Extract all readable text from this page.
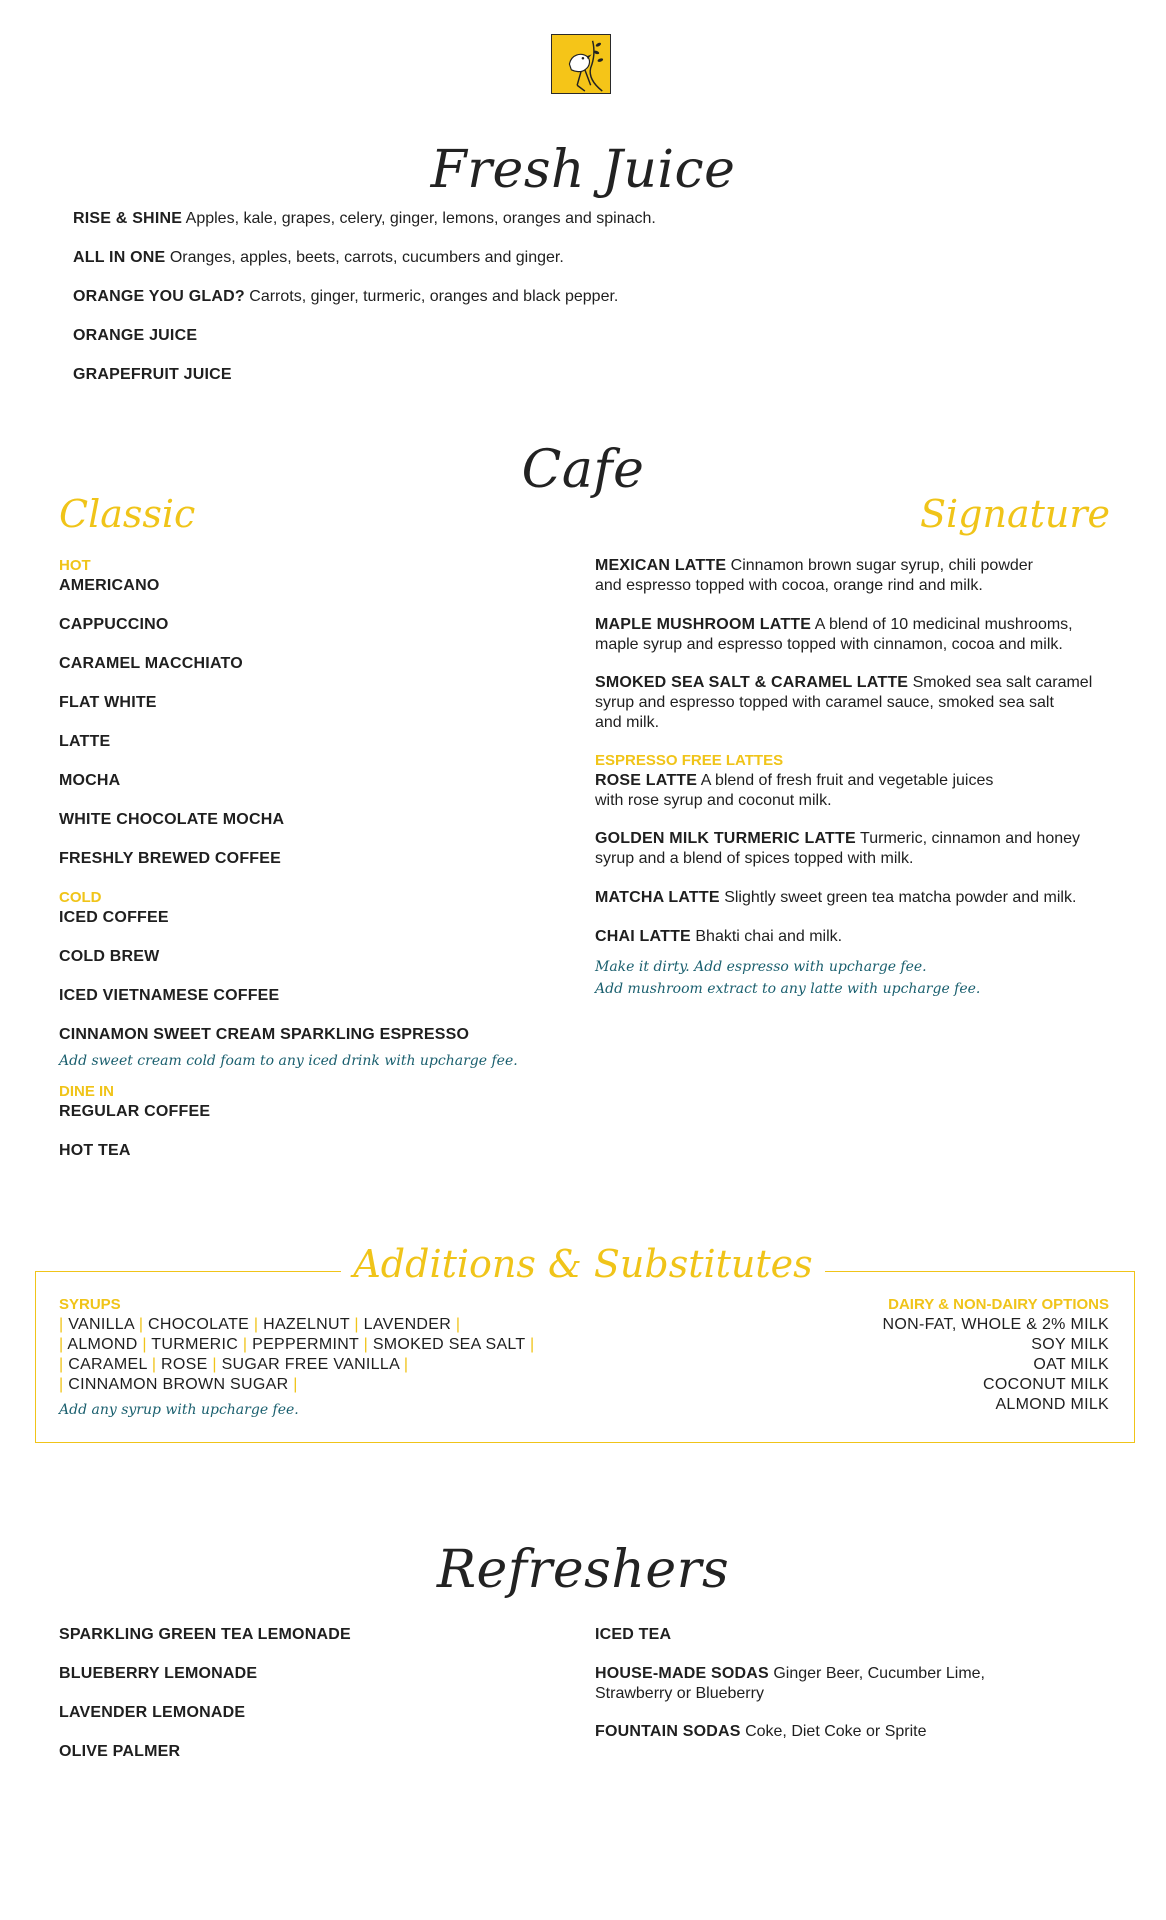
Fresh Juice
RISE & SHINE Apples, kale, grapes, celery, ginger, lemons, oranges and spinach.
ALL IN ONE Oranges, apples, beets, carrots, cucumbers and ginger.
ORANGE YOU GLAD? Carrots, ginger, turmeric, oranges and black pepper.
ORANGE JUICE
GRAPEFRUIT JUICE
Cafe
Classic	Signature
HOT
AMERICANO
CAPPUCCINO
CARAMEL MACCHIATO
FLAT WHITE
LATTE
MOCHA
WHITE CHOCOLATE MOCHA
FRESHLY BREWED COFFEE
COLD
ICED COFFEE
COLD BREW
ICED VIETNAMESE COFFEE
CINNAMON SWEET CREAM SPARKLING ESPRESSO
Add sweet cream cold foam to any iced drink with upcharge fee.
DINE IN
REGULAR COFFEE
HOT TEA
MEXICAN LATTE Cinnamon brown sugar syrup, chili powder
and espresso topped with cocoa, orange rind and milk.
MAPLE MUSHROOM LATTE A blend of 10 medicinal mushrooms,
maple syrup and espresso topped with cinnamon, cocoa and milk.
SMOKED SEA SALT & CARAMEL LATTE Smoked sea salt caramel
syrup and espresso topped with caramel sauce, smoked sea salt
and milk.
ESPRESSO FREE LATTES
ROSE LATTE A blend of fresh fruit and vegetable juices
with rose syrup and coconut milk.
GOLDEN MILK TURMERIC LATTE Turmeric, cinnamon and honey
syrup and a blend of spices topped with milk.
MATCHA LATTE Slightly sweet green tea matcha powder and milk.
CHAI LATTE Bhakti chai and milk.
Make it dirty. Add espresso with upcharge fee.
Add mushroom extract to any latte with upcharge fee.
Additions & Substitutes
SYRUPS
| VANILLA | CHOCOLATE | HAZELNUT | LAVENDER |
| ALMOND | TURMERIC | PEPPERMINT | SMOKED SEA SALT |
| CARAMEL | ROSE | SUGAR FREE VANILLA |
| CINNAMON BROWN SUGAR |
Add any syrup with upcharge fee.
DAIRY & NON-DAIRY OPTIONS
NON-FAT, WHOLE & 2% MILK
SOY MILK
OAT MILK
COCONUT MILK
ALMOND MILK
Refreshers
SPARKLING GREEN TEA LEMONADE
BLUEBERRY LEMONADE
LAVENDER LEMONADE
OLIVE PALMER
ICED TEA
HOUSE-MADE SODAS Ginger Beer, Cucumber Lime,
Strawberry or Blueberry
FOUNTAIN SODAS Coke, Diet Coke or Sprite
